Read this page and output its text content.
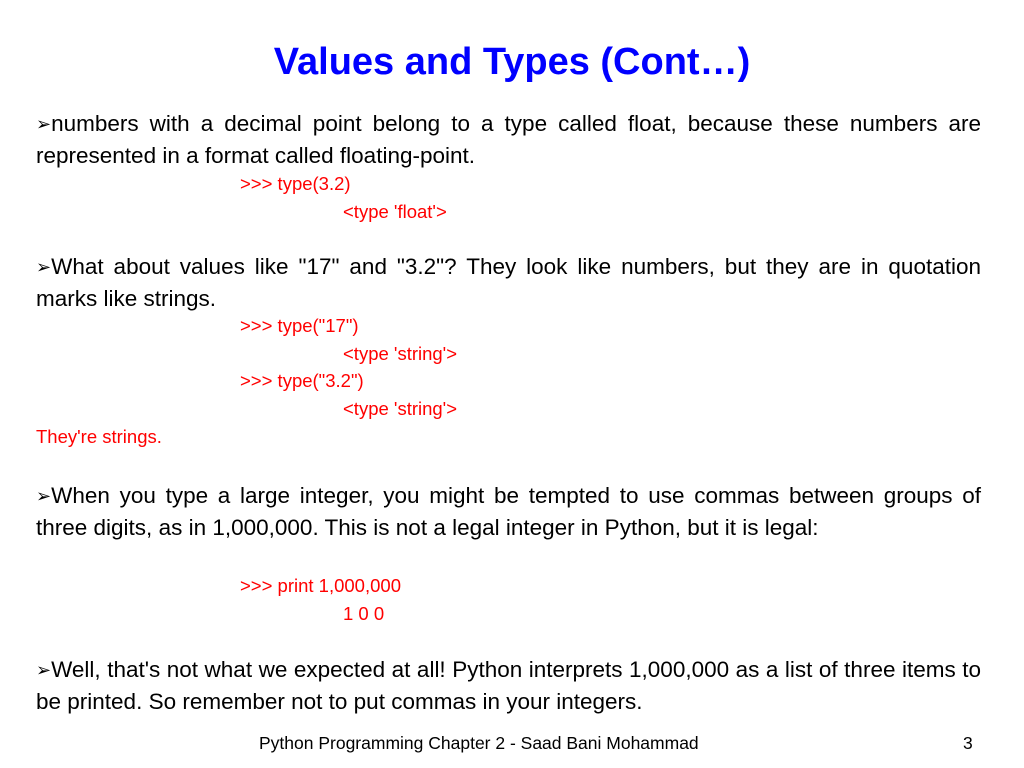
Values and Types (Cont…)

➢numbers with a decimal point belong to a type called float, because these numbers are represented in a format called floating-point.

>>> type(3.2)
<type 'float'>

➢What about values like "17" and "3.2"? They look like numbers, but they are in quotation marks like strings.

>>> type("17")
<type 'string'>
>>> type("3.2")
<type 'string'>
They're strings.

➢When you type a large integer, you might be tempted to use commas between groups of three digits, as in 1,000,000. This is not a legal integer in Python, but it is legal:

>>> print 1,000,000
1 0 0

➢Well, that's not what we expected at all! Python interprets 1,000,000 as a list of three items to be printed. So remember not to put commas in your integers.

Python Programming Chapter 2 - Saad Bani Mohammad	3
